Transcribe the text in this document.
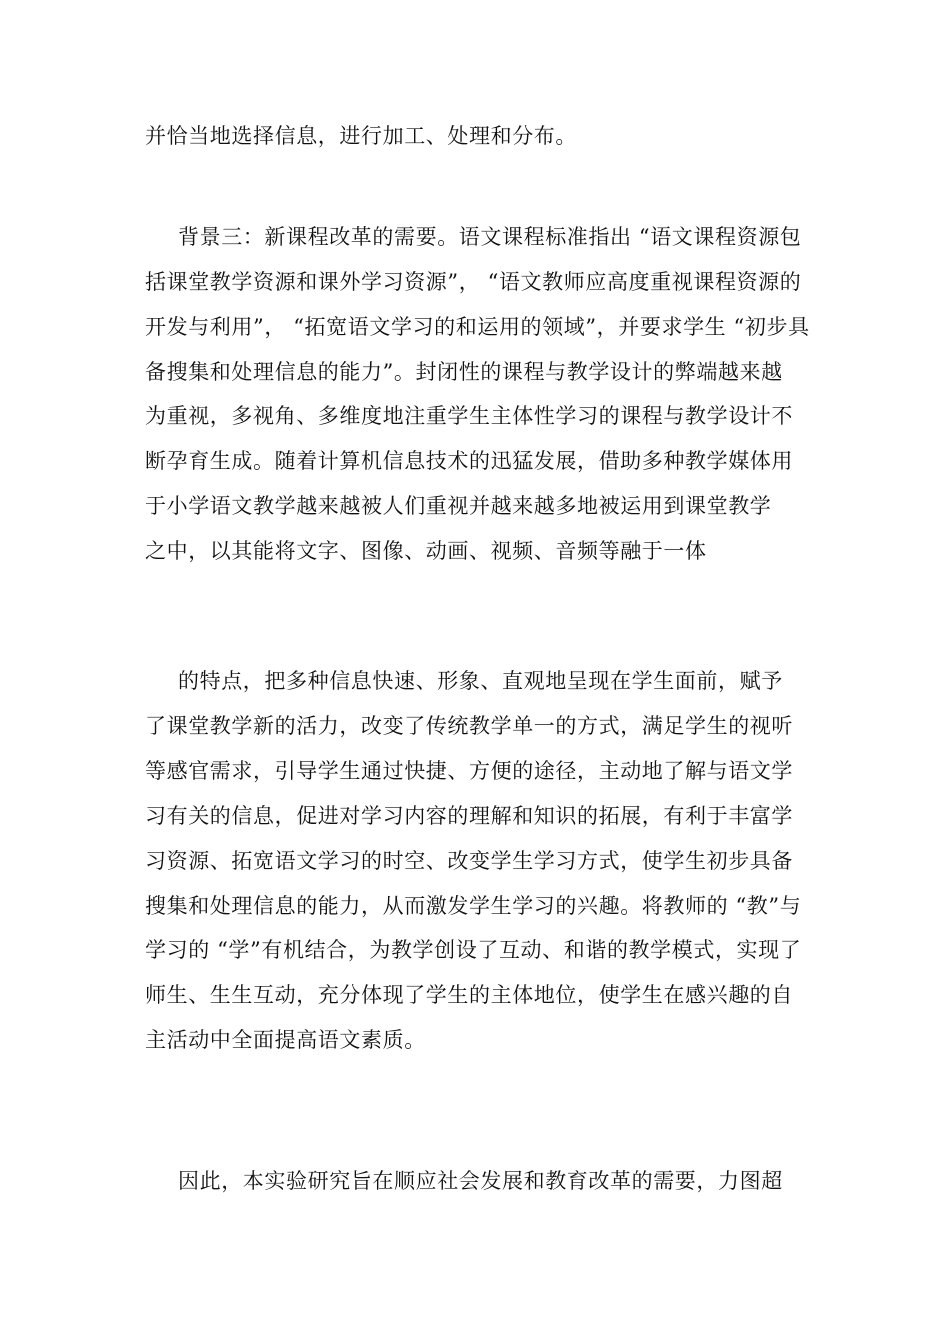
并恰当地选择信息，进行加工、处理和分布。
背景三：新课程改革的需要。语文课程标准指出 “语文课程资源包
括课堂教学资源和课外学习资源”， “语文教师应高度重视课程资源的
开发与利用”， “拓宽语文学习的和运用的领域”，并要求学生 “初步具
备搜集和处理信息的能力”。封闭性的课程与教学设计的弊端越来越
为重视，多视角、多维度地注重学生主体性学习的课程与教学设计不
断孕育生成。随着计算机信息技术的迅猛发展，借助多种教学媒体用
于小学语文教学越来越被人们重视并越来越多地被运用到课堂教学
之中，以其能将文字、图像、动画、视频、音频等融于一体
的特点，把多种信息快速、形象、直观地呈现在学生面前，赋予
了课堂教学新的活力，改变了传统教学单一的方式，满足学生的视听
等感官需求，引导学生通过快捷、方便的途径，主动地了解与语文学
习有关的信息，促进对学习内容的理解和知识的拓展，有利于丰富学
习资源、拓宽语文学习的时空、改变学生学习方式，使学生初步具备
搜集和处理信息的能力，从而激发学生学习的兴趣。将教师的 “教”与
学习的 “学”有机结合，为教学创设了互动、和谐的教学模式，实现了
师生、生生互动，充分体现了学生的主体地位，使学生在感兴趣的自
主活动中全面提高语文素质。
因此，本实验研究旨在顺应社会发展和教育改革的需要，力图超
